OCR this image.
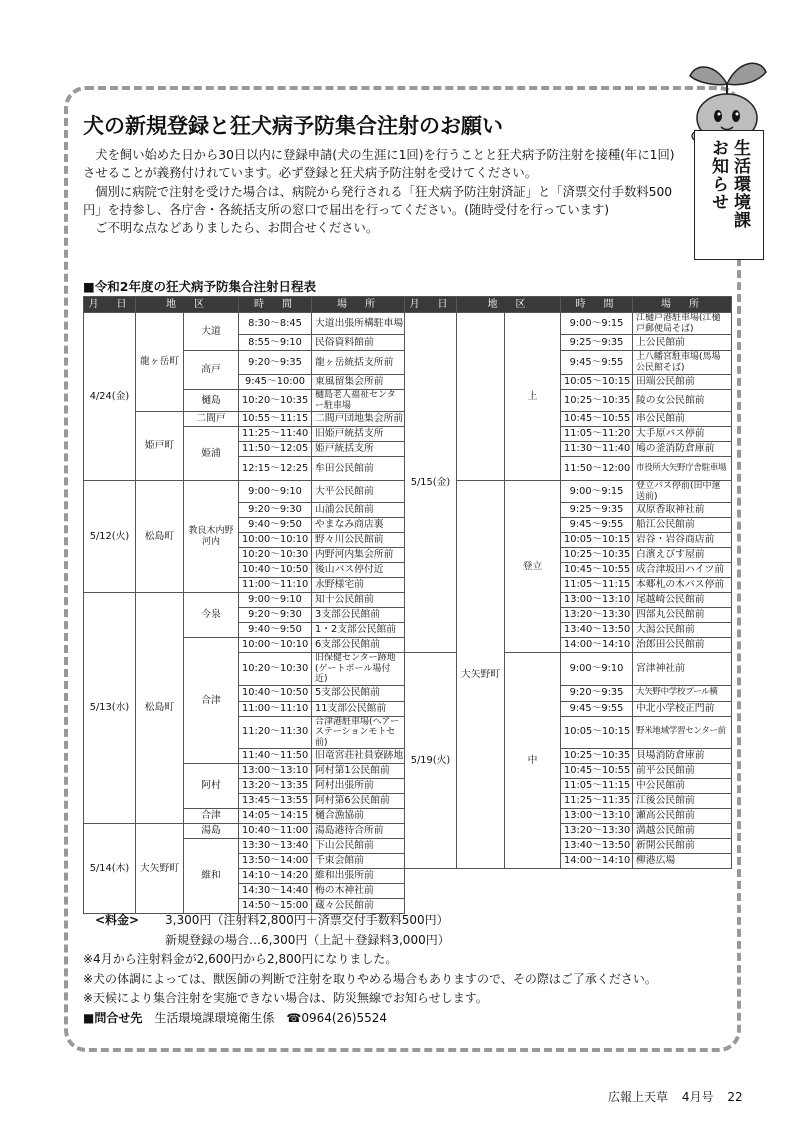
生活環境課
お知らせ
犬の新規登録と狂犬病予防集合注射のお願い

犬を飼い始めた日から30日以内に登録申請(犬の生涯に1回)を行うことと狂犬病予防注射を接種(年に1回)させることが義務付けれています。必ず登録と狂犬病予防注射を受けてください。

個別に病院で注射を受けた場合は、病院から発行される「狂犬病予防注射済証」と「済票交付手数料500円」を持参し、各庁舎・各統括支所の窓口で届出を行ってください。(随時受付を行っています)

ご不明な点などありましたら、お問合せください。

■令和2年度の狂犬病予防集合注射日程表
月　日	地　区		時　間	場　所	月　日	地　区		時　間	場　所
4/24(金)	龍ヶ岳町	大道	8:30～8:45	大道出張所構駐車場	5/15(金)		上	9:00～9:15	江樋戸港駐車場(江樋戸郵便局そば)
			8:55～9:10	民俗資料館前				9:25～9:35	上公民館前
		高戸	9:20～9:35	龍ヶ岳統括支所前				9:45～9:55	上八幡宮駐車場(馬場公民館そば)
			9:45～10:00	東風留集会所前				10:05～10:15	田端公民館前
		樋島	10:20～10:35	樋島老人福祉センター駐車場				10:25～10:35	陵の女公民館前
	姫戸町	二間戸	10:55～11:15	二間戸団地集会所前				10:45～10:55	串公民館前
		姫浦	11:25～11:40	旧姫戸統括支所				11:05～11:20	大手原バス停前
			11:50～12:05	姫戸統括支所				11:30～11:40	鳩の釜消防倉庫前
			12:15～12:25	牟田公民館前				11:50～12:00	市役所大矢野庁舎駐車場
5/12(火)	松島町	教良木内野河内	9:00～9:10	大平公民館前		大矢野町	登立	9:00～9:15	登立バス停前(田中運送前)
			9:20～9:30	山浦公民館前				9:25～9:35	双原香取神社前
			9:40～9:50	やまなみ商店裏				9:45～9:55	船江公民館前
			10:00～10:10	野々川公民館前				10:05～10:15	岩谷・岩谷商店前
			10:20～10:30	内野河内集会所前				10:25～10:35	白濱えびす屋前
			10:40～10:50	後山バス停付近				10:45～10:55	成合津坂田ハイツ前
			11:00～11:10	永野様宅前				11:05～11:15	本郷札の木バス停前
5/13(水)	松島町	今泉	9:00～9:10	知十公民館前				13:00～13:10	尾越崎公民館前
			9:20～9:30	3支部公民館前				13:20～13:30	四部丸公民館前
			9:40～9:50	1・2支部公民館前				13:40～13:50	大潟公民館前
		合津	10:00～10:10	6支部公民館前				14:00～14:10	治郎田公民館前
			10:20～10:30	旧保健センター跡地(ゲートボール場付近)	5/19(火)		中	9:00～9:10	宮津神社前
			10:40～10:50	5支部公民館前				9:20～9:35	大矢野中学校プール横
			11:00～11:10	11支部公民館前				9:45～9:55	中北小学校正門前
			11:20～11:30	合津港駐車場(ヘアーステーションモトセ前)				10:05～10:15	野米地域学習センター前
			11:40～11:50	旧竜宮荘社員寮跡地				10:25～10:35	貝場消防倉庫前
		阿村	13:00～13:10	阿村第1公民館前				10:45～10:55	前平公民館前
			13:20～13:35	阿村出張所前				11:05～11:15	中公民館前
			13:45～13:55	阿村第6公民館前				11:25～11:35	江後公民館前
		合津	14:05～14:15	樋合漁協前				13:00～13:10	瀬高公民館前
5/14(木)	大矢野町	湯島	10:40～11:00	湯島港待合所前				13:20～13:30	満越公民館前
		維和	13:30～13:40	下山公民館前				13:40～13:50	新開公民館前
			13:50～14:00	千束会館前				14:00～14:10	柳港広場
			14:10～14:20	維和出張所前					
			14:30～14:40	梅の木神社前					
			14:50～15:00	蔵々公民館前					
<料金> 3,300円（注射料2,800円＋済票交付手数料500円）
新規登録の場合…6,300円（上記＋登録料3,000円）
※4月から注射料金が2,600円から2,800円になりました。
※犬の体調によっては、獣医師の判断で注射を取りやめる場合もありますので、その際はご了承ください。
※天候により集合注射を実施できない場合は、防災無線でお知らせします。
■問合せ先　 生活環境課環境衛生係　 ☎0964(26)5524
広報上天草 4月号 22
